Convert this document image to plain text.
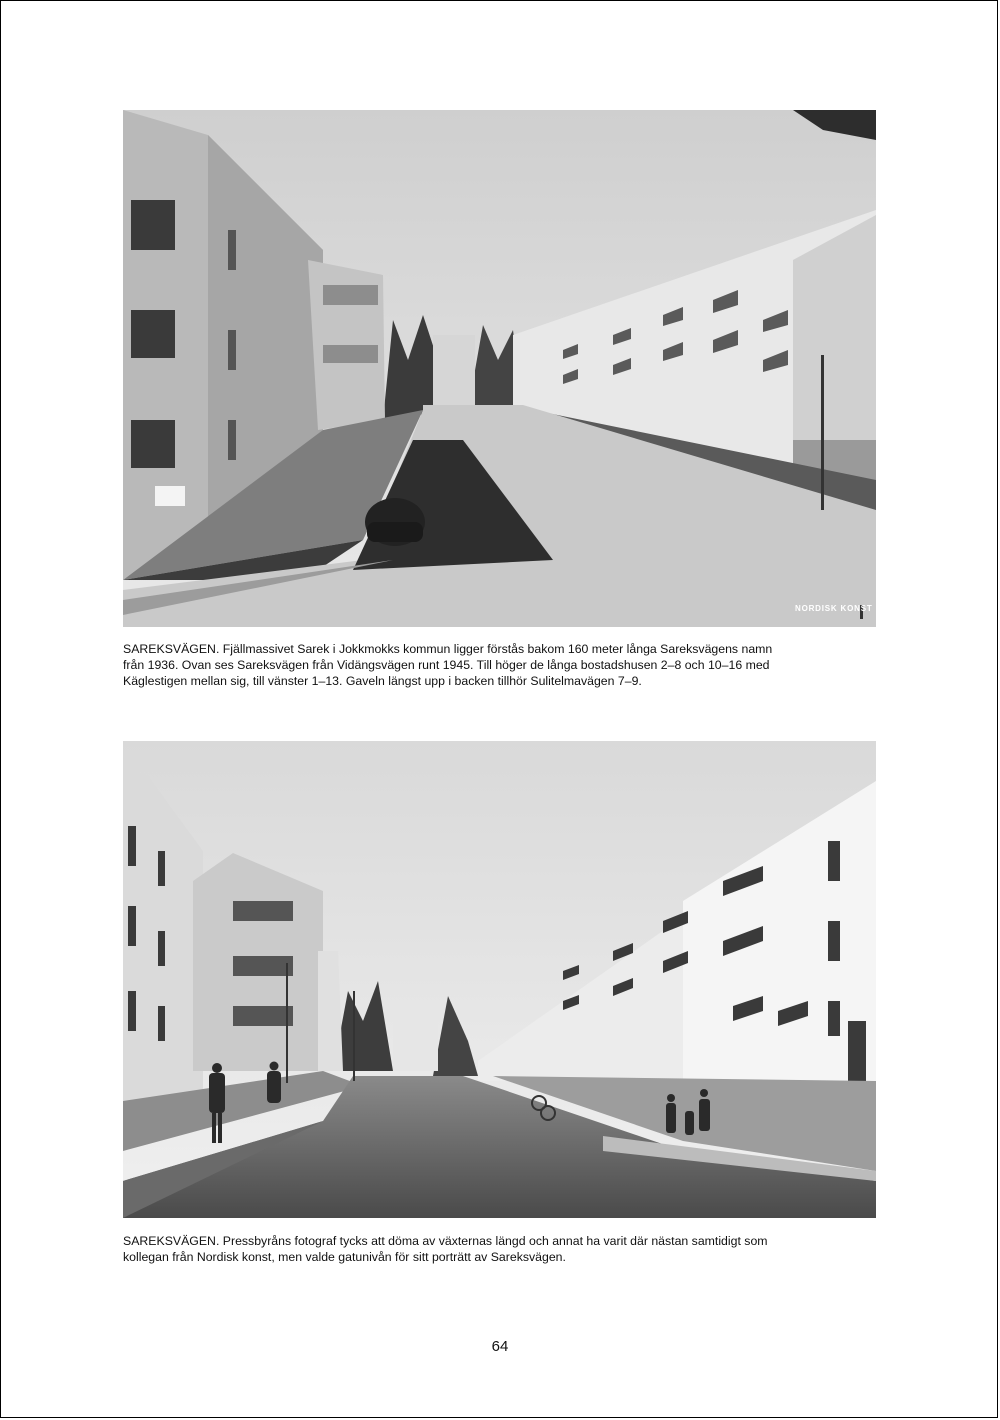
NORDISK KONST
SAREKSVÄGEN. Fjällmassivet Sarek i Jokkmokks kommun ligger förstås bakom 160 meter långa Sareksvägens namn från 1936. Ovan ses Sareksvägen från Vidängsvägen runt 1945. Till höger de långa bostadshusen 2–8 och 10–16 med Käglestigen mellan sig, till vänster 1–13. Gaveln längst upp i backen tillhör Sulitelmavägen 7–9.
SAREKSVÄGEN. Pressbyråns fotograf tycks att döma av växternas längd och annat ha varit där nästan samtidigt som kollegan från Nordisk konst, men valde gatunivån för sitt porträtt av Sareksvägen.
64
